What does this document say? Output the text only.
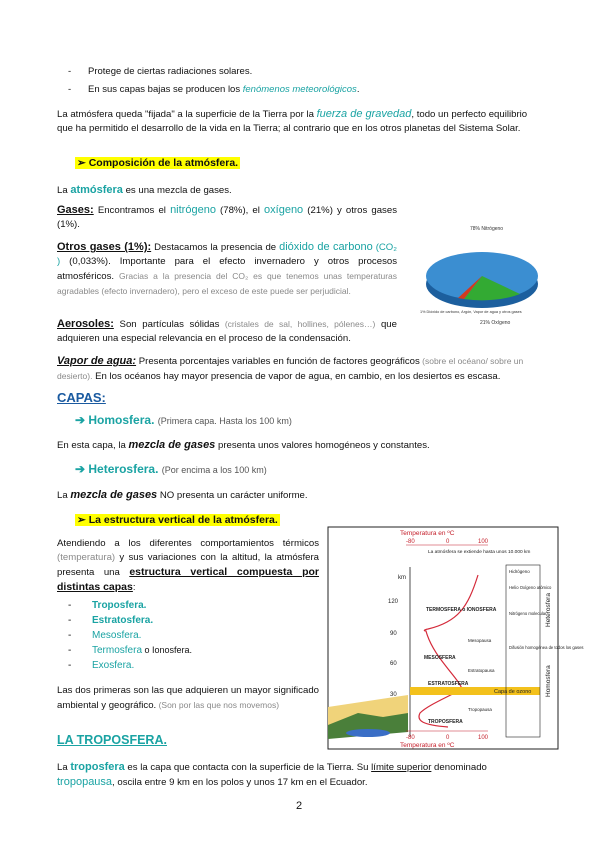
- Protege de ciertas radiaciones solares.
- En sus capas bajas se producen los fenómenos meteorológicos.
La atmósfera queda "fijada" a la superficie de la Tierra por la fuerza de gravedad, todo un perfecto equilibrio que ha permitido el desarrollo de la vida en la Tierra; al contrario que en los otros planetas del Sistema Solar.
➢ Composición de la atmósfera.
La atmósfera es una mezcla de gases.
Gases: Encontramos el nitrógeno (78%), el oxígeno (21%) y otros gases (1%).
Otros gases (1%): Destacamos la presencia de dióxido de carbono (CO₂ ) (0,033%). Importante para el efecto invernadero y otros procesos atmosféricos. Gracias a la presencia del CO₂ es que tenemos unas temperaturas agradables (efecto invernadero), pero el exceso de este puede ser perjudicial.
Aerosoles: Son partículas sólidas (cristales de sal, hollines, pólenes…) que adquieren una especial relevancia en el proceso de la condensación.
78% Nitrógeno
1% Dióxido de carbono, Argón, Vapor de agua y otros gases
21% Oxígeno
Vapor de agua: Presenta porcentajes variables en función de factores geográficos (sobre el océano/ sobre un desierto). En los océanos hay mayor presencia de vapor de agua, en cambio, en los desiertos es escasa.
CAPAS:
➔ Homosfera. (Primera capa. Hasta los 100 km)
En esta capa, la mezcla de gases presenta unos valores homogéneos y constantes.
➔ Heterosfera. (Por encima a los 100 km)
La mezcla de gases NO presenta un carácter uniforme.
➢ La estructura vertical de la atmósfera.
Atendiendo a los diferentes comportamientos térmicos (temperatura) y sus variaciones con la altitud, la atmósfera presenta una estructura vertical compuesta por distintas capas:
- Troposfera.
- Estratosfera.
- Mesosfera.
- Termosfera o Ionosfera.
- Exosfera.
Las dos primeras son las que adquieren un mayor significado ambiental y geográfico. (Son por las que nos movemos)
LA TROPOSFERA.
La troposfera es la capa que contacta con la superficie de la Tierra. Su límite superior denominado tropopausa, oscila entre 9 km en los polos y unos 17 km en el Ecuador.
Temperatura en ºC
-80	0	100
La atmósfera se extiende hasta unos 10.000 km
km
120
90
60
30	Capa de ozono
TERMOSFERA o IONOSFERA
Mesopausa
MESOSFERA
Estratopausa
ESTRATOSFERA
Tropopausa
TROPOSFERA
Hidrógeno
Helio Oxígeno atómico
Nitrógeno molecular
Difusión homogénea de todos los gases
Heterosfera
Homosfera
-80	0	100
Temperatura en ºC
2
